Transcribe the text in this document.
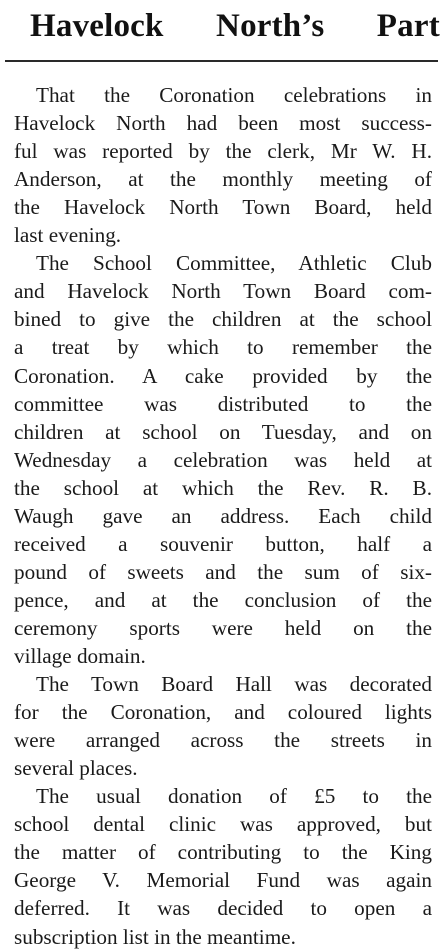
Havelock North’s Part
That the Coronation celebrations in
Havelock North had been most success-
ful was reported by the clerk, Mr W. H.
Anderson, at the monthly meeting of
the Havelock North Town Board, held
last evening.
The School Committee, Athletic Club
and Havelock North Town Board com-
bined to give the children at the school
a treat by which to remember the
Coronation. A cake provided by the
committee was distributed to the
children at school on Tuesday, and on
Wednesday a celebration was held at
the school at which the Rev. R. B.
Waugh gave an address. Each child
received a souvenir button, half a
pound of sweets and the sum of six-
pence, and at the conclusion of the
ceremony sports were held on the
village domain.
The Town Board Hall was decorated
for the Coronation, and coloured lights
were arranged across the streets in
several places.
The usual donation of £5 to the
school dental clinic was approved, but
the matter of contributing to the King
George V. Memorial Fund was again
deferred. It was decided to open a
subscription list in the meantime.
